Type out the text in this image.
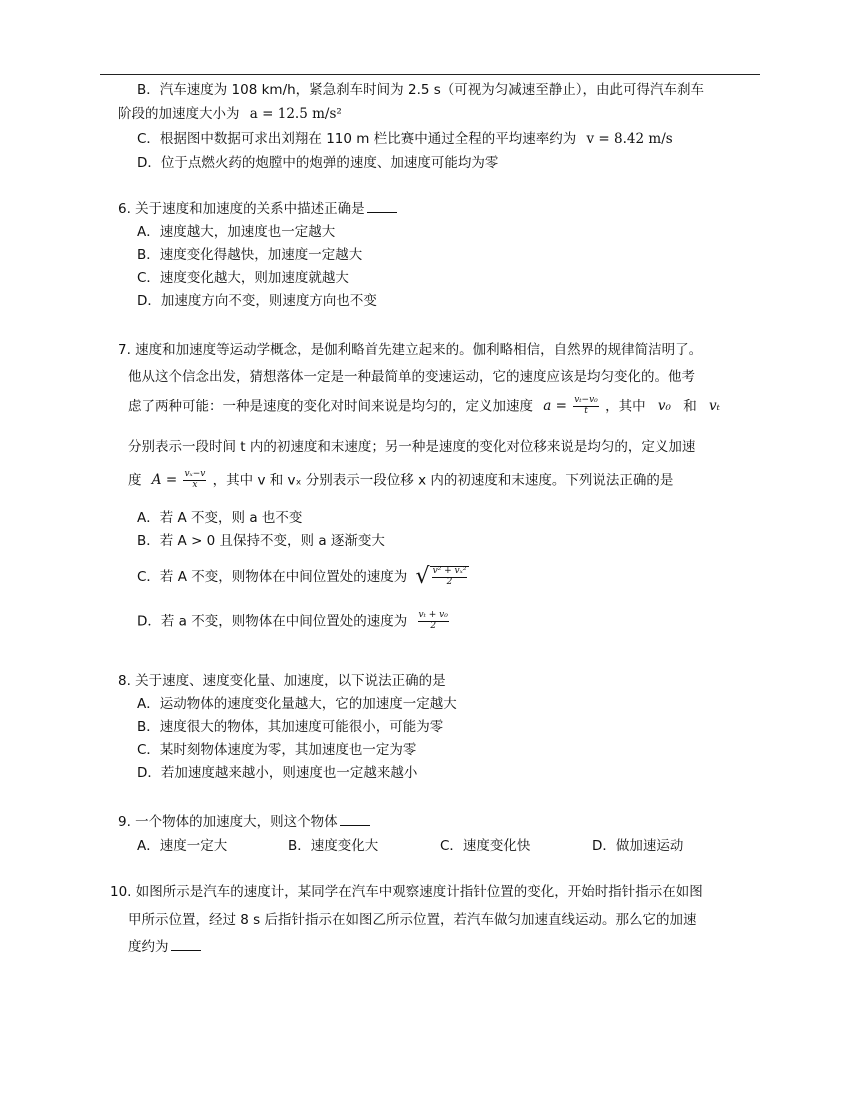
B．汽车速度为 108 km/h，紧急刹车时间为 2.5 s（可视为匀减速至静止），由此可得汽车刹车
阶段的加速度大小为 a = 12.5 m/s²
C．根据图中数据可求出刘翔在 110 m 栏比赛中通过全程的平均速率约为 v = 8.42 m/s
D．位于点燃火药的炮膛中的炮弹的速度、加速度可能均为零
6. 关于速度和加速度的关系中描述正确是
A．速度越大，加速度也一定越大
B．速度变化得越快，加速度一定越大
C．速度变化越大，则加速度就越大
D．加速度方向不变，则速度方向也不变
7. 速度和加速度等运动学概念，是伽利略首先建立起来的。伽利略相信，自然界的规律简洁明了。
他从这个信念出发，猜想落体一定是一种最简单的变速运动，它的速度应该是均匀变化的。他考
虑了两种可能：一种是速度的变化对时间来说是均匀的，定义加速度 $a = \frac{\text{vₜ−v₀}}{t}$ ，其中 v₀ 和 vₜ
分别表示一段时间 t 内的初速度和末速度；另一种是速度的变化对位移来说是均匀的，定义加速
度 $A = \frac{\text{vₓ−v}}{x}$ ，其中 v 和 vₓ 分别表示一段位移 x 内的初速度和末速度。下列说法正确的是
A．若 A 不变，则 a 也不变
B．若 A > 0 且保持不变，则 a 逐渐变大
C．若 A 不变，则物体在中间位置处的速度为 √ $\frac{\text{v² + vₓ²}}{2}$
D．若 a 不变，则物体在中间位置处的速度为 $\frac{\text{vₜ + v₀}}{2}$
8. 关于速度、速度变化量、加速度，以下说法正确的是
A．运动物体的速度变化量越大，它的加速度一定越大
B．速度很大的物体，其加速度可能很小，可能为零
C．某时刻物体速度为零，其加速度也一定为零
D．若加速度越来越小，则速度也一定越来越小
9. 一个物体的加速度大，则这个物体
A．速度一定大	B．速度变化大	C．速度变化快	D．做加速运动
10. 如图所示是汽车的速度计，某同学在汽车中观察速度计指针位置的变化，开始时指针指示在如图
甲所示位置，经过 8 s 后指针指示在如图乙所示位置，若汽车做匀加速直线运动。那么它的加速
度约为
